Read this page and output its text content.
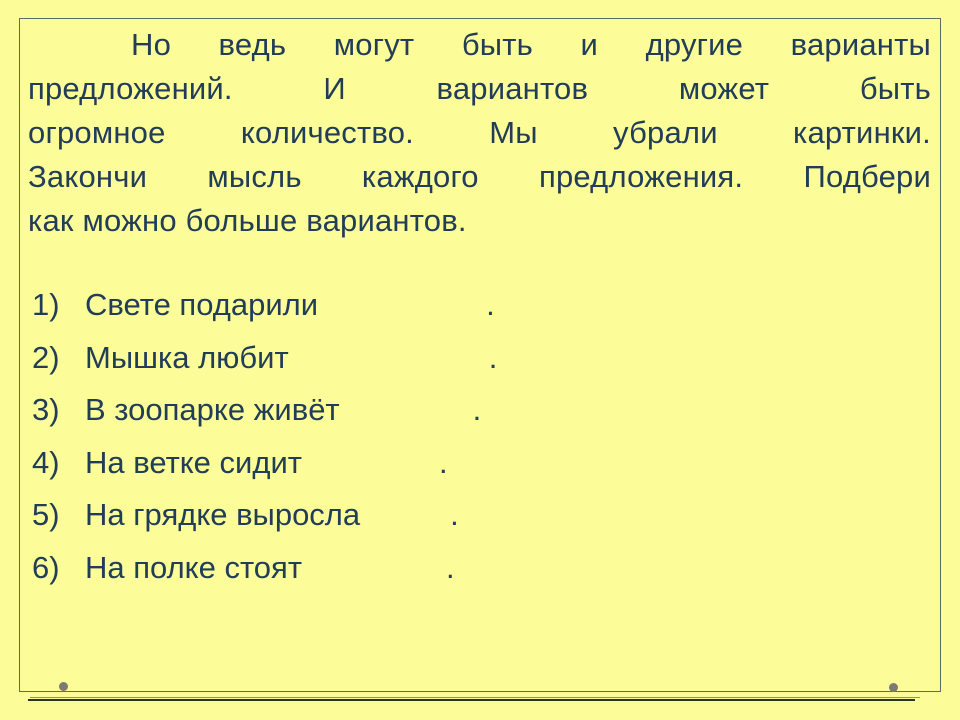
Но ведь могут быть и другие варианты
предложений. И вариантов может быть
огромное количество. Мы убрали картинки.
Закончи мысль каждого предложения. Подбери
как можно больше вариантов.
1) Свете подарили	.
2) Мышка любит	.
3) В зоопарке живёт	.
4) На ветке сидит	.
5) На грядке выросла	.
6) На полке стоят	.
